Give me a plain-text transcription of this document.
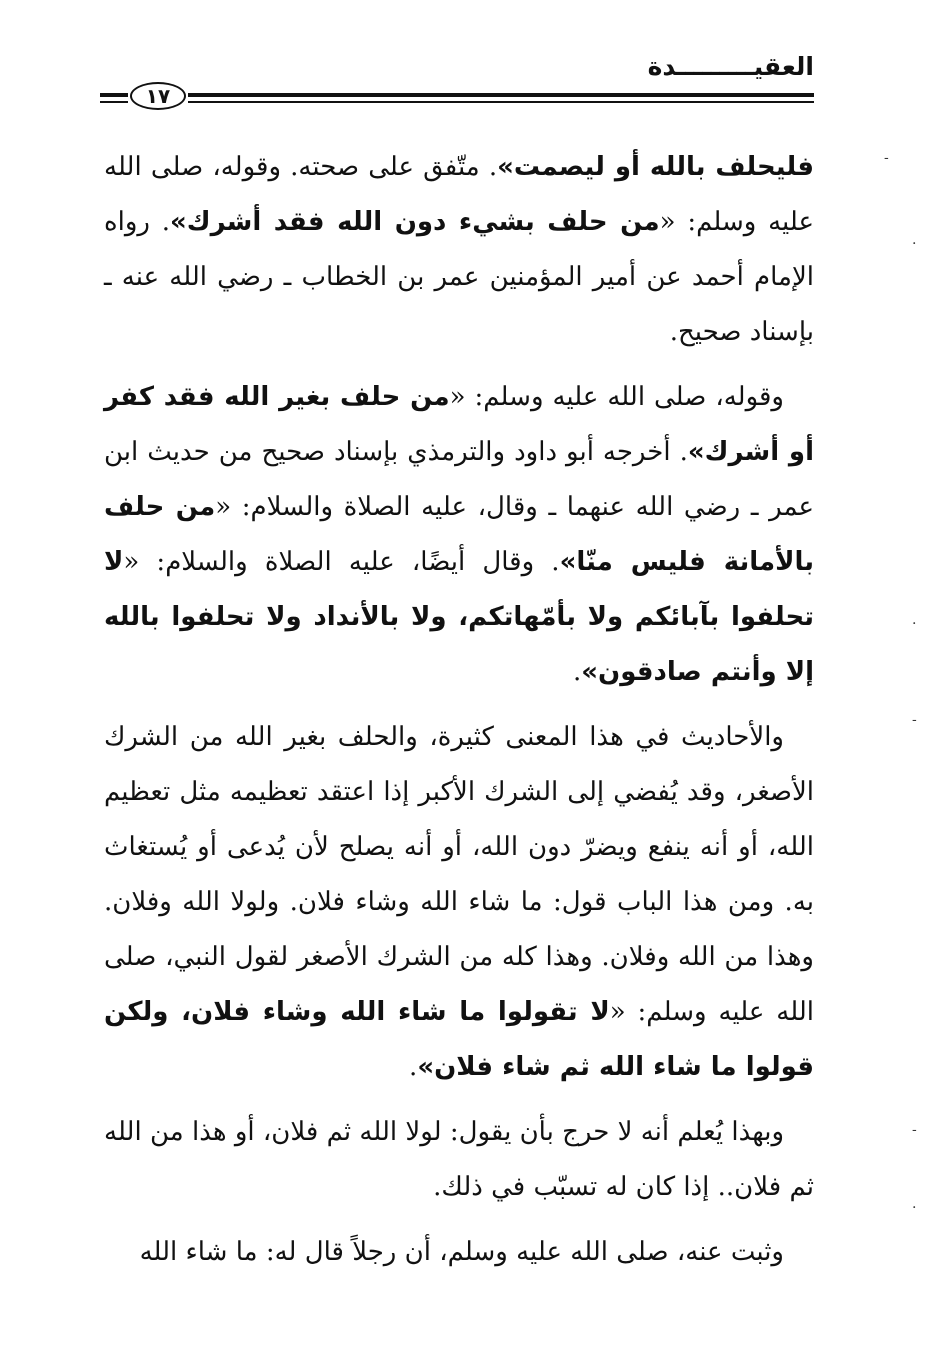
العقيـــــــــدة
١٧

فليحلف بالله أو ليصمت». متّفق على صحته. وقوله، صلى الله عليه وسلم: «من حلف بشيء دون الله فقد أشرك». رواه الإمام أحمد عن أمير المؤمنين عمر بن الخطاب ـ رضي الله عنه ـ بإسناد صحيح.

وقوله، صلى الله عليه وسلم: «من حلف بغير الله فقد كفر أو أشرك». أخرجه أبو داود والترمذي بإسناد صحيح من حديث ابن عمر ـ رضي الله عنهما ـ وقال، عليه الصلاة والسلام: «من حلف بالأمانة فليس منّا». وقال أيضًا، عليه الصلاة والسلام: «لا تحلفوا بآبائكم ولا بأمّهاتكم، ولا بالأنداد ولا تحلفوا بالله إلا وأنتم صادقون».

والأحاديث في هذا المعنى كثيرة، والحلف بغير الله من الشرك الأصغر، وقد يُفضي إلى الشرك الأكبر إذا اعتقد تعظيمه مثل تعظيم الله، أو أنه ينفع ويضرّ دون الله، أو أنه يصلح لأن يُدعى أو يُستغاث به. ومن هذا الباب قول: ما شاء الله وشاء فلان. ولولا الله وفلان. وهذا من الله وفلان. وهذا كله من الشرك الأصغر لقول النبي، صلى الله عليه وسلم: «لا تقولوا ما شاء الله وشاء فلان، ولكن قولوا ما شاء الله ثم شاء فلان».

وبهذا يُعلم أنه لا حرج بأن يقول: لولا الله ثم فلان، أو هذا من الله ثم فلان.. إذا كان له تسبّب في ذلك.

وثبت عنه، صلى الله عليه وسلم، أن رجلاً قال له: ما شاء الله

-
.
.
-
-
.
